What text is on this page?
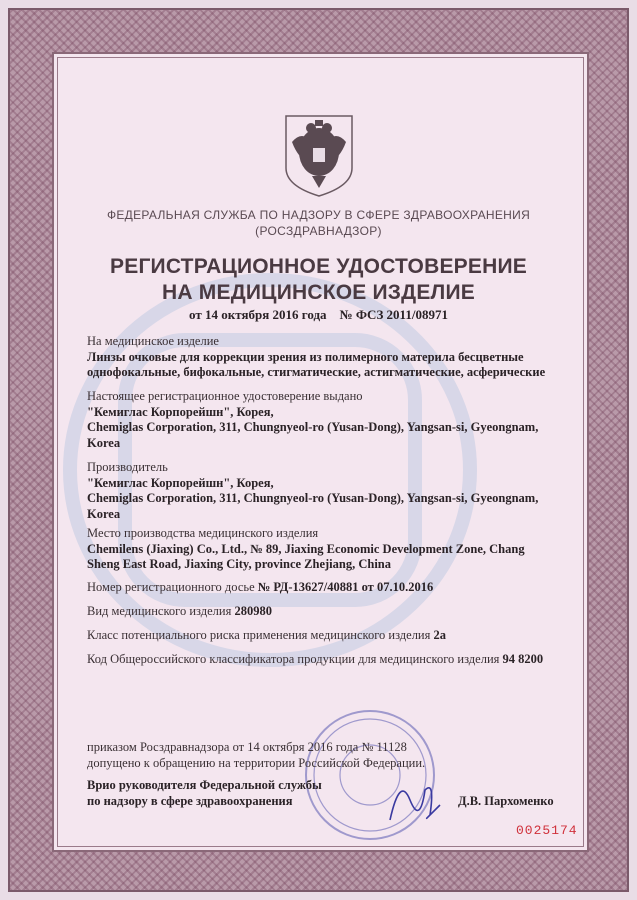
ФЕДЕРАЛЬНАЯ СЛУЖБА ПО НАДЗОРУ В СФЕРЕ ЗДРАВООХРАНЕНИЯ
(РОСЗДРАВНАДЗОР)
РЕГИСТРАЦИОННОЕ УДОСТОВЕРЕНИЕ
НА МЕДИЦИНСКОЕ ИЗДЕЛИЕ
от 14 октября 2016 года № ФСЗ 2011/08971
На медицинское изделие
Линзы очковые для коррекции зрения из полимерного материла бесцветные
однофокальные, бифокальные, стигматические, астигматические, асферические
Настоящее регистрационное удостоверение выдано
"Кемиглас Корпорейшн", Корея,
Chemiglas Corporation, 311, Chungnyeol-ro (Yusan-Dong), Yangsan-si, Gyeongnam,
Korea
Производитель
"Кемиглас Корпорейшн", Корея,
Chemiglas Corporation, 311, Chungnyeol-ro (Yusan-Dong), Yangsan-si, Gyeongnam,
Korea
Место производства медицинского изделия
Chemilens (Jiaxing) Co., Ltd., № 89, Jiaxing Economic Development Zone, Chang
Sheng East Road, Jiaxing City, province Zhejiang, China
Номер регистрационного досье № РД-13627/40881 от 07.10.2016
Вид медицинского изделия 280980
Класс потенциального риска применения медицинского изделия 2а
Код Общероссийского классификатора продукции для медицинского изделия 94 8200
приказом Росздравнадзора от 14 октября 2016 года № 11128
допущено к обращению на территории Российской Федерации.
Врио руководителя Федеральной службы
по надзору в сфере здравоохранения	Д.В. Пархоменко
0025174
